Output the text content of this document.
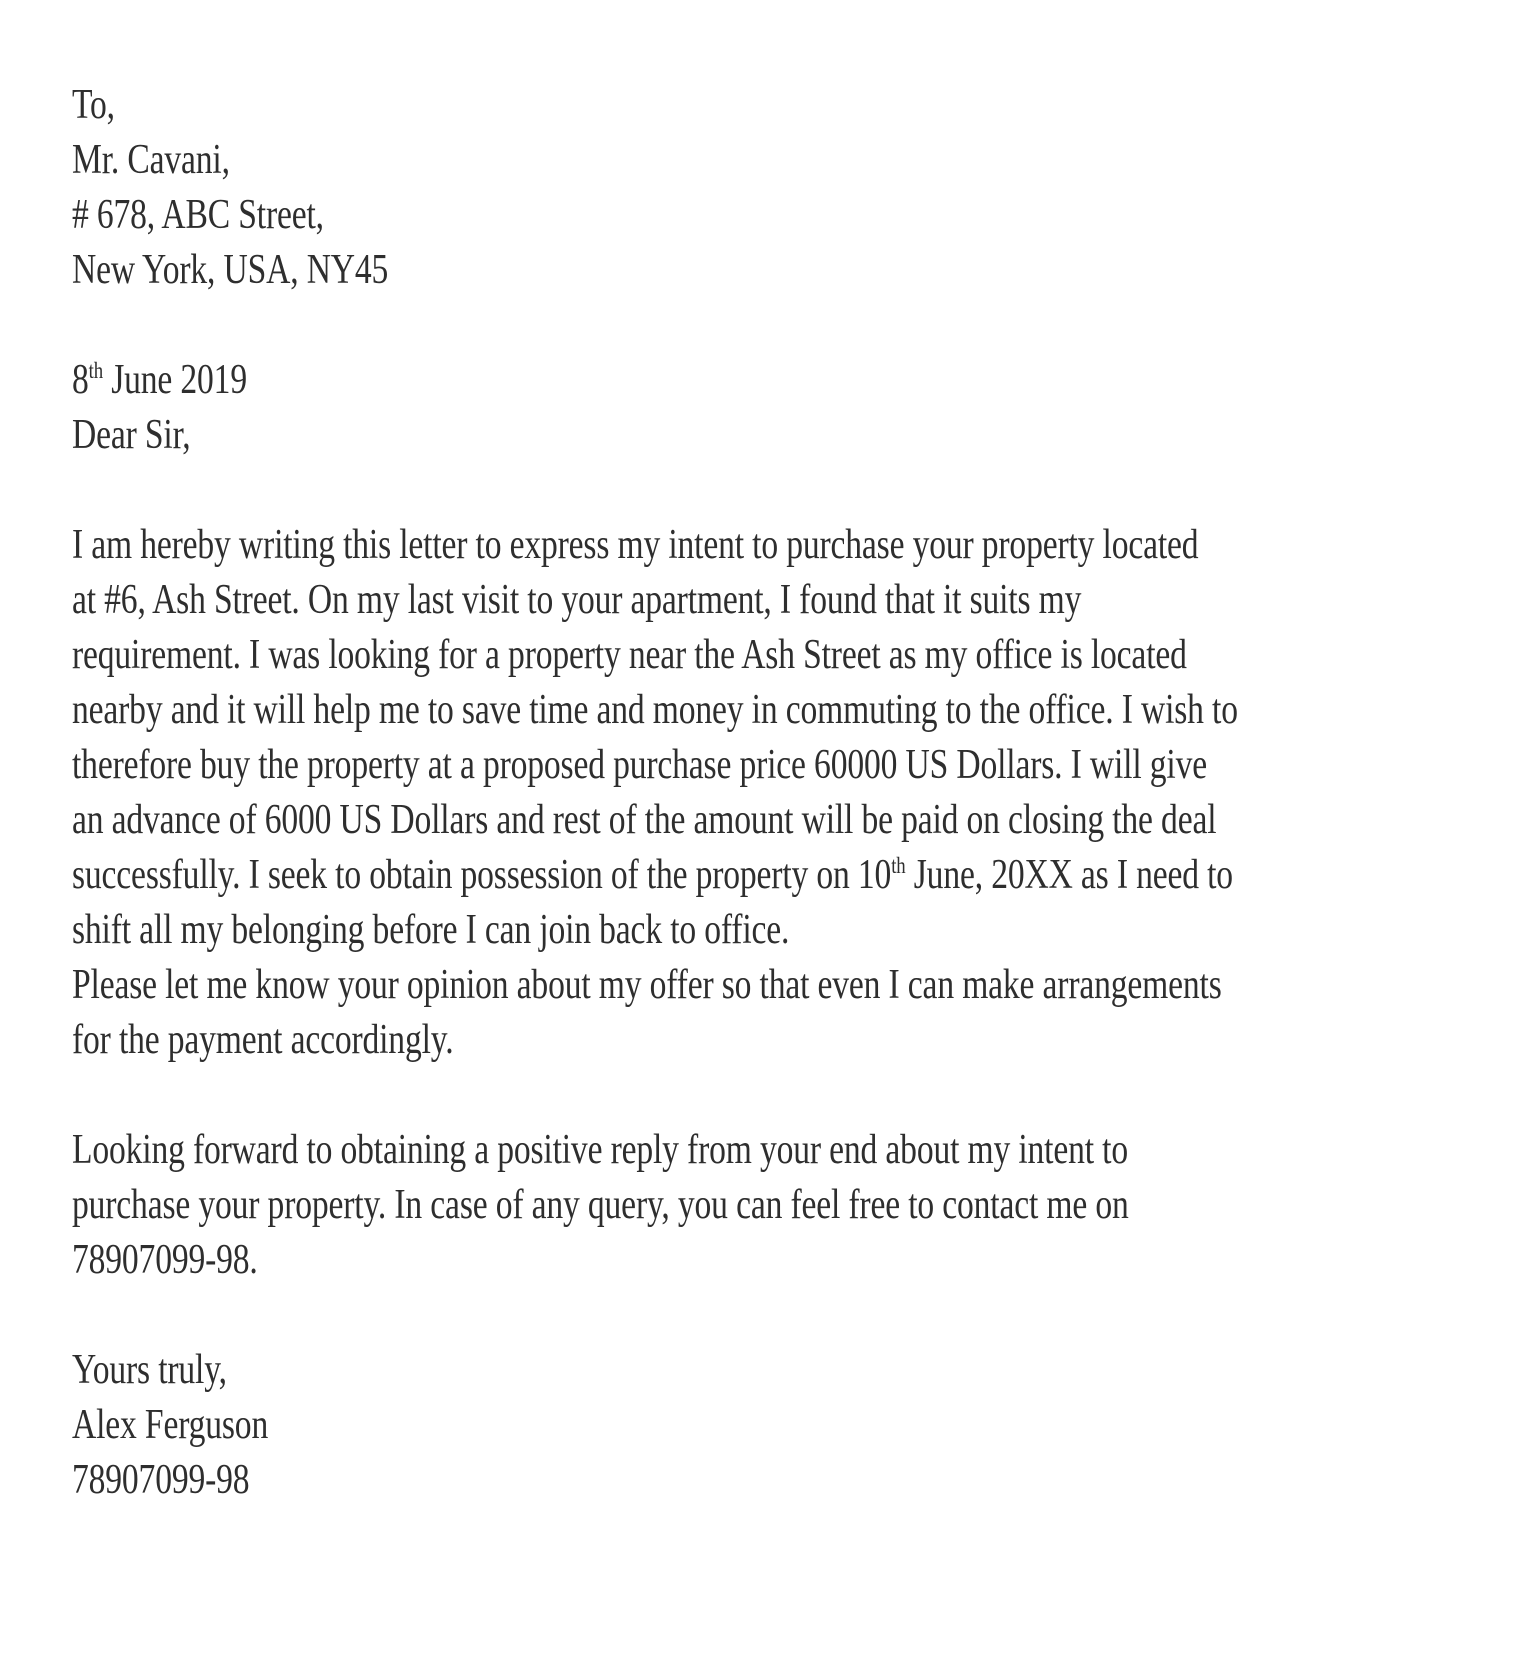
To,
Mr. Cavani,
# 678, ABC Street,
New York, USA, NY45
8th June 2019
Dear Sir,
I am hereby writing this letter to express my intent to purchase your property located
at #6, Ash Street. On my last visit to your apartment, I found that it suits my
requirement. I was looking for a property near the Ash Street as my office is located
nearby and it will help me to save time and money in commuting to the office. I wish to
therefore buy the property at a proposed purchase price 60000 US Dollars. I will give
an advance of 6000 US Dollars and rest of the amount will be paid on closing the deal
successfully. I seek to obtain possession of the property on 10th June, 20XX as I need to
shift all my belonging before I can join back to office.
Please let me know your opinion about my offer so that even I can make arrangements
for the payment accordingly.
Looking forward to obtaining a positive reply from your end about my intent to
purchase your property. In case of any query, you can feel free to contact me on
78907099-98.
Yours truly,
Alex Ferguson
78907099-98
